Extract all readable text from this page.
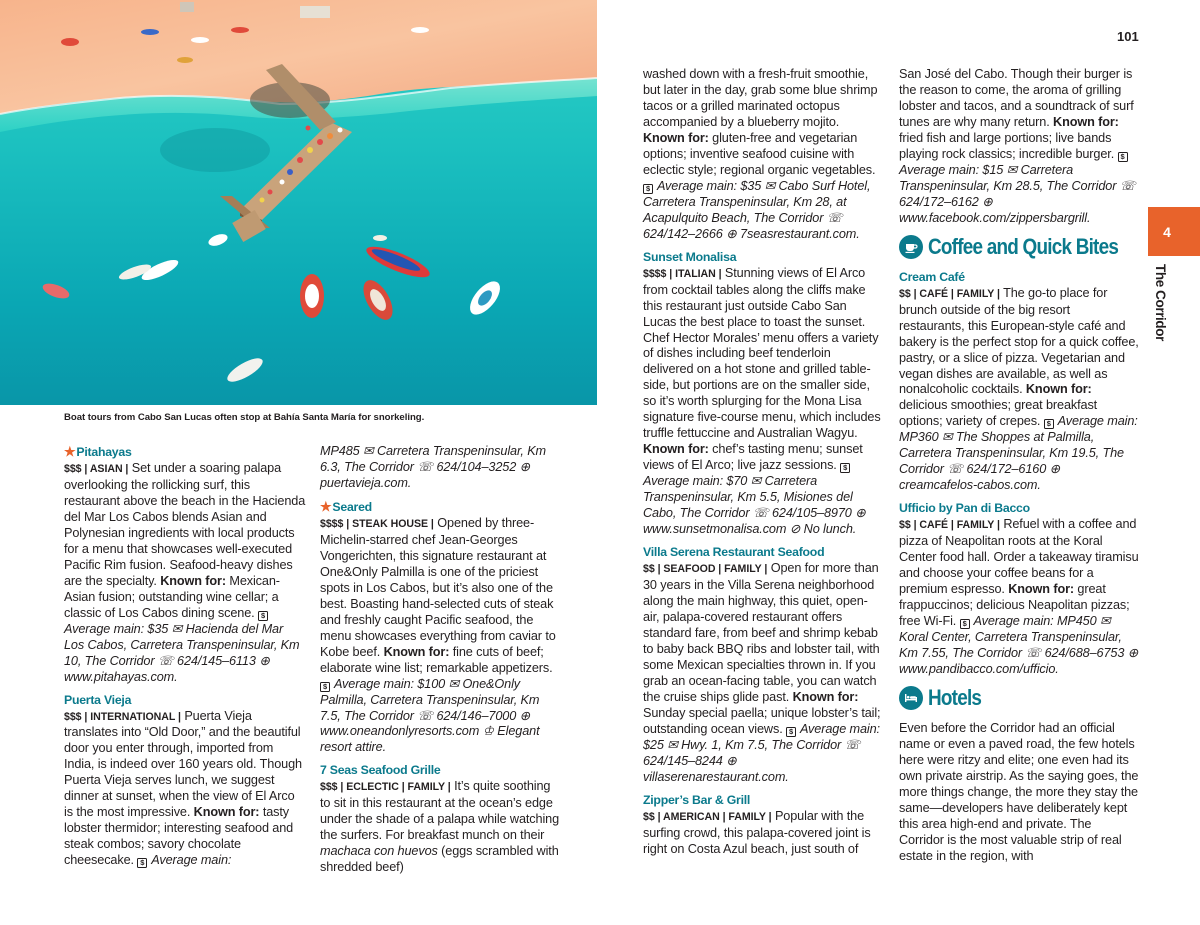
Boat tours from Cabo San Lucas often stop at Bahía Santa María for snorkeling.
101
4
The Corridor
★Pitahayas

$$$ | ASIAN | Set under a soaring palapa overlooking the rollicking surf, this restaurant above the beach in the Hacienda del Mar Los Cabos blends Asian and Polynesian ingredients with local products for a menu that showcases well-executed Pacific Rim fusion. Seafood-heavy dishes are the specialty. Known for: Mexican-Asian fusion; outstanding wine cellar; a classic of Los Cabos dining scene. $ Average main: $35 ✉ Hacienda del Mar Los Cabos, Carretera Transpeninsular, Km 10, The Corridor ☏ 624/145–6113 ⊕ www.pitahayas.com.

Puerta Vieja

$$$ | INTERNATIONAL | Puerta Vieja translates into “Old Door,” and the beautiful door you enter through, imported from India, is indeed over 160 years old. Though Puerta Vieja serves lunch, we suggest dinner at sunset, when the view of El Arco is the most impressive. Known for: tasty lobster thermidor; interesting seafood and steak combos; savory chocolate cheesecake. $ Average main:

MP485 ✉ Carretera Transpeninsular, Km 6.3, The Corridor ☏ 624/104–3252 ⊕ puertavieja.com.

★Seared

$$$$ | STEAK HOUSE | Opened by three-Michelin-starred chef Jean-Georges Vongerichten, this signature restaurant at One&Only Palmilla is one of the priciest spots in Los Cabos, but it’s also one of the best. Boasting hand-selected cuts of steak and freshly caught Pacific seafood, the menu showcases everything from caviar to Kobe beef. Known for: fine cuts of beef; elaborate wine list; remarkable appetizers. $ Average main: $100 ✉ One&Only Palmilla, Carretera Transpeninsular, Km 7.5, The Corridor ☏ 624/146–7000 ⊕ www.oneandonlyresorts.com ♔ Elegant resort attire.

7 Seas Seafood Grille

$$$ | ECLECTIC | FAMILY | It’s quite soothing to sit in this restaurant at the ocean’s edge under the shade of a palapa while watching the surfers. For breakfast munch on their machaca con huevos (eggs scrambled with shredded beef)

washed down with a fresh-fruit smoothie, but later in the day, grab some blue shrimp tacos or a grilled marinated octopus accompanied by a blueberry mojito. Known for: gluten-free and vegetarian options; inventive seafood cuisine with eclectic style; regional organic vegetables. $ Average main: $35 ✉ Cabo Surf Hotel, Carretera Transpeninsular, Km 28, at Acapulquito Beach, The Corridor ☏ 624/142–2666 ⊕ 7seasrestaurant.com.

Sunset Monalisa

$$$$ | ITALIAN | Stunning views of El Arco from cocktail tables along the cliffs make this restaurant just outside Cabo San Lucas the best place to toast the sunset. Chef Hector Morales’ menu offers a variety of dishes including beef tenderloin delivered on a hot stone and grilled table-side, but portions are on the smaller side, so it’s worth splurging for the Mona Lisa signature five-course menu, which includes truffle fettuccine and Australian Wagyu. Known for: chef’s tasting menu; sunset views of El Arco; live jazz sessions. $ Average main: $70 ✉ Carretera Transpeninsular, Km 5.5, Misiones del Cabo, The Corridor ☏ 624/105–8970 ⊕ www.sunsetmonalisa.com ⊘ No lunch.

Villa Serena Restaurant Seafood

$$ | SEAFOOD | FAMILY | Open for more than 30 years in the Villa Serena neighborhood along the main highway, this quiet, open-air, palapa-covered restaurant offers standard fare, from beef and shrimp kebab to baby back BBQ ribs and lobster tail, with some Mexican specialties thrown in. If you grab an ocean-facing table, you can watch the cruise ships glide past. Known for: Sunday special paella; unique lobster’s tail; outstanding ocean views. $ Average main: $25 ✉ Hwy. 1, Km 7.5, The Corridor ☏ 624/145–8244 ⊕ villaserenarestaurant.com.

Zipper’s Bar & Grill

$$ | AMERICAN | FAMILY | Popular with the surfing crowd, this palapa-covered joint is right on Costa Azul beach, just south of

San José del Cabo. Though their burger is the reason to come, the aroma of grilling lobster and tacos, and a soundtrack of surf tunes are why many return. Known for: fried fish and large portions; live bands playing rock classics; incredible burger. $ Average main: $15 ✉ Carretera Transpeninsular, Km 28.5, The Corridor ☏ 624/172–6162 ⊕ www.facebook.com/zippersbargrill.

Coffee and Quick Bites
Cream Café

$$ | CAFÉ | FAMILY | The go-to place for brunch outside of the big resort restaurants, this European-style café and bakery is the perfect stop for a quick coffee, pastry, or a slice of pizza. Vegetarian and vegan dishes are available, as well as nonalcoholic cocktails. Known for: delicious smoothies; great breakfast options; variety of crepes. $ Average main: MP360 ✉ The Shoppes at Palmilla, Carretera Transpeninsular, Km 19.5, The Corridor ☏ 624/172–6160 ⊕ creamcafelos-cabos.com.

Ufficio by Pan di Bacco

$$ | CAFÉ | FAMILY | Refuel with a coffee and pizza of Neapolitan roots at the Koral Center food hall. Order a takeaway tiramisu and choose your coffee beans for a premium espresso. Known for: great frappuccinos; delicious Neapolitan pizzas; free Wi-Fi. $ Average main: MP450 ✉ Koral Center, Carretera Transpeninsular, Km 7.55, The Corridor ☏ 624/688–6753 ⊕ www.pandibacco.com/ufficio.

Hotels

Even before the Corridor had an official name or even a paved road, the few hotels here were ritzy and elite; one even had its own private airstrip. As the saying goes, the more things change, the more they stay the same—developers have deliberately kept this area high-end and private. The Corridor is the most valuable strip of real estate in the region, with
